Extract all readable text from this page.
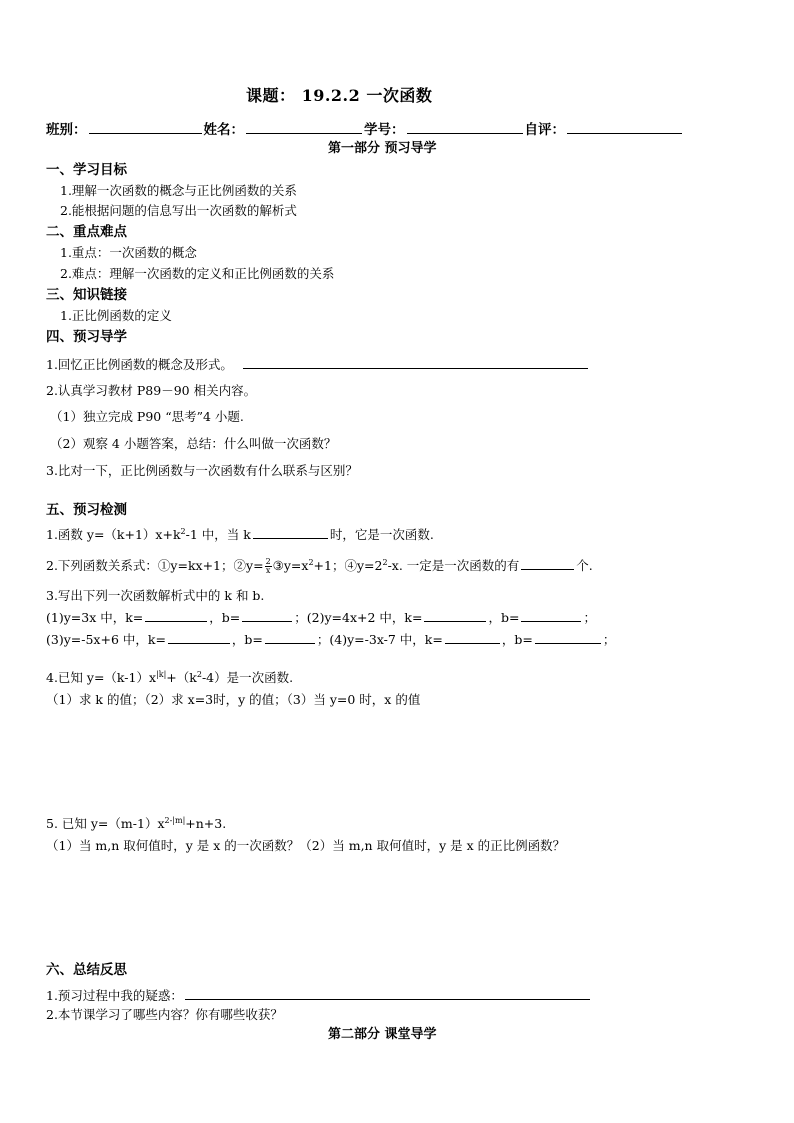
课题： 19.2.2 一次函数
班别：	姓名：	学号：	自评：
第一部分 预习导学
一、学习目标
1.理解一次函数的概念与正比例函数的关系
2.能根据问题的信息写出一次函数的解析式
二、重点难点
1.重点：一次函数的概念
2.难点：理解一次函数的定义和正比例函数的关系
三、知识链接
1.正比例函数的定义
四、预习导学
1.回忆正比例函数的概念及形式。
2.认真学习教材 P89－90 相关内容。
（1）独立完成 P90 “思考”4 小题.
（2）观察 4 小题答案，总结：什么叫做一次函数？
3.比对一下，正比例函数与一次函数有什么联系与区别？
五、预习检测
1.函数 $y=(k+1)x+k^2-1$ 中，当 k	时，它是一次函数.
2.下列函数关系式：①y=kx+1；②y= $\frac{2}{x}$ $③y=x^2+1$；$④y=2^2-x$. 一定是一次函数的有	个.
3.写出下列一次函数解析式中的 k 和 b.
(1)y=3x 中，k=	，b=	；(2)y=4x+2 中，k=	，b=	；
(3)y=-5x+6 中，k=	，b=	；(4)y=-3x-7 中，k=	，b=	；
4.已知 $y=(k-1)x^{|k|}+(k^2-4)$是一次函数.
（1）求 k 的值；（2）求 x=3时，y 的值；（3）当 y=0 时，x 的值
5. 已知 $y=(m-1)x^{2-|m|}+n+3$.
（1）当 m,n 取何值时，y 是 x 的一次函数？（2）当 m,n 取何值时，y 是 x 的正比例函数？
六、总结反思
1.预习过程中我的疑惑：
2.本节课学习了哪些内容？你有哪些收获？
第二部分 课堂导学
